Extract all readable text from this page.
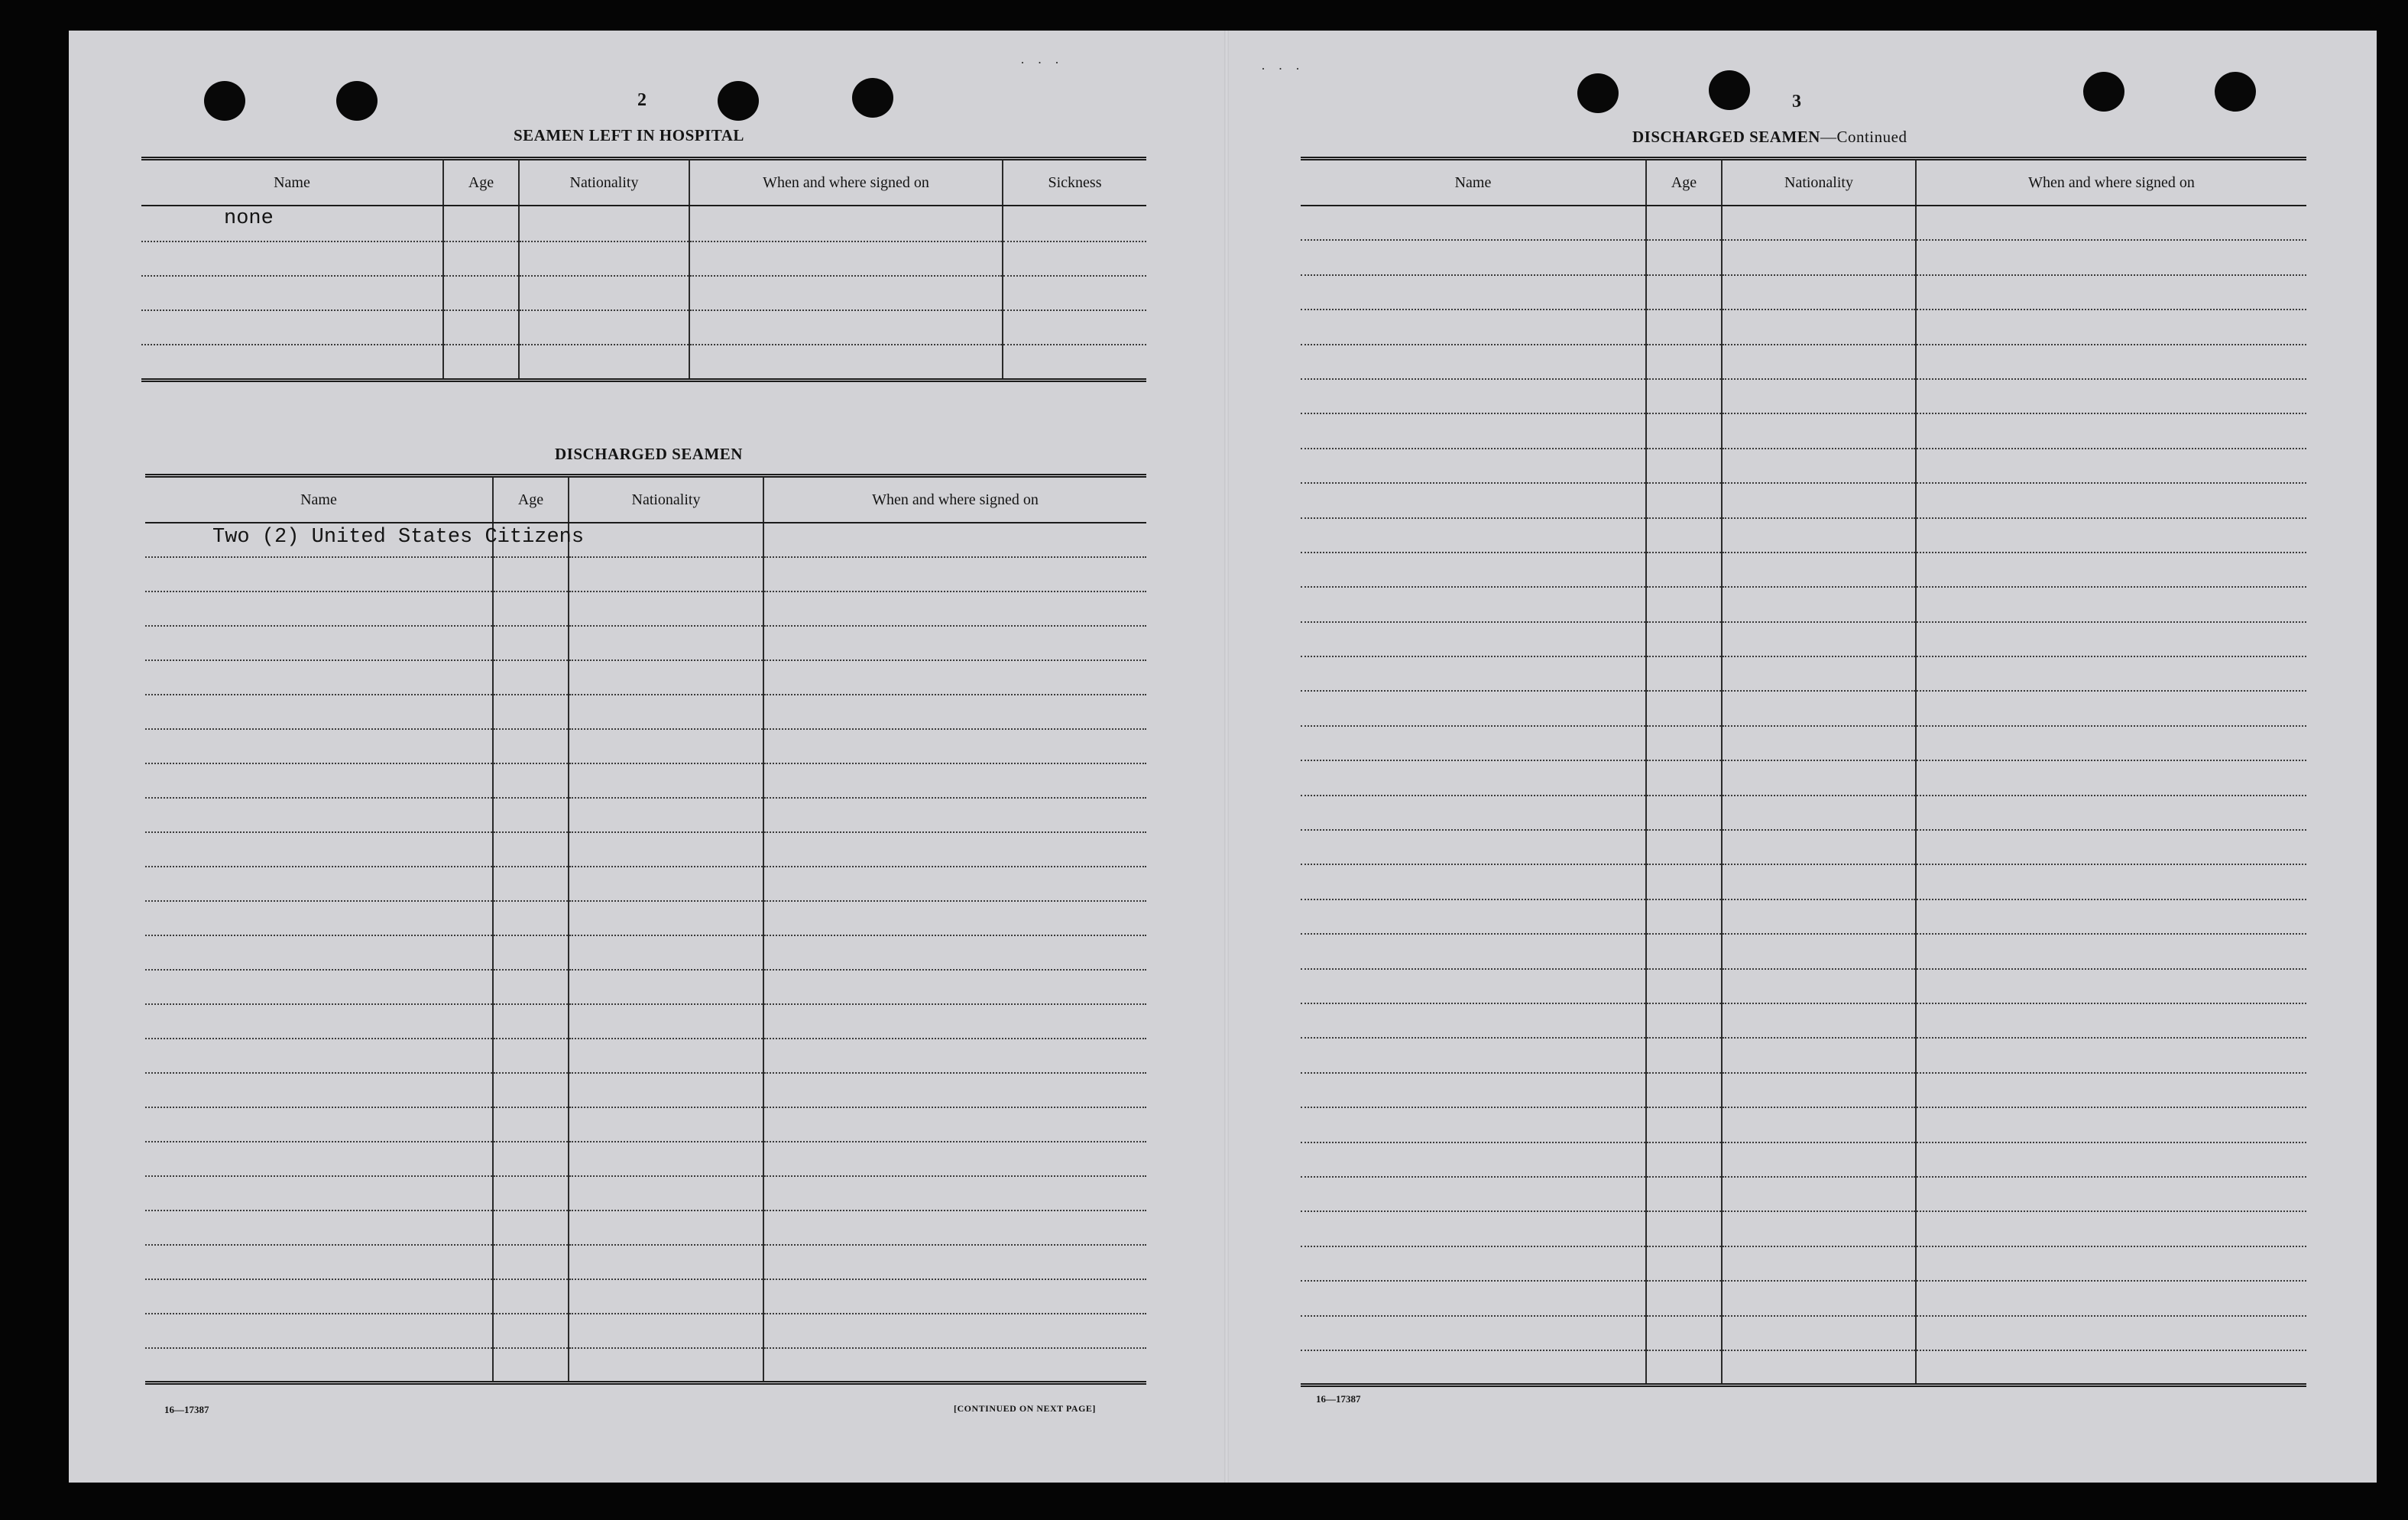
· · ·	· · ·
2
SEAMEN LEFT IN HOSPITAL
Name	Age	Nationality	When and where signed on	Sickness
none				

DISCHARGED SEAMEN
Name	Age	Nationality	When and where signed on
Two (2) United States Citizens			

16—17387	[CONTINUED ON NEXT PAGE]
3
DISCHARGED SEAMEN—Continued
Name	Age	Nationality	When and where signed on

16—17387
